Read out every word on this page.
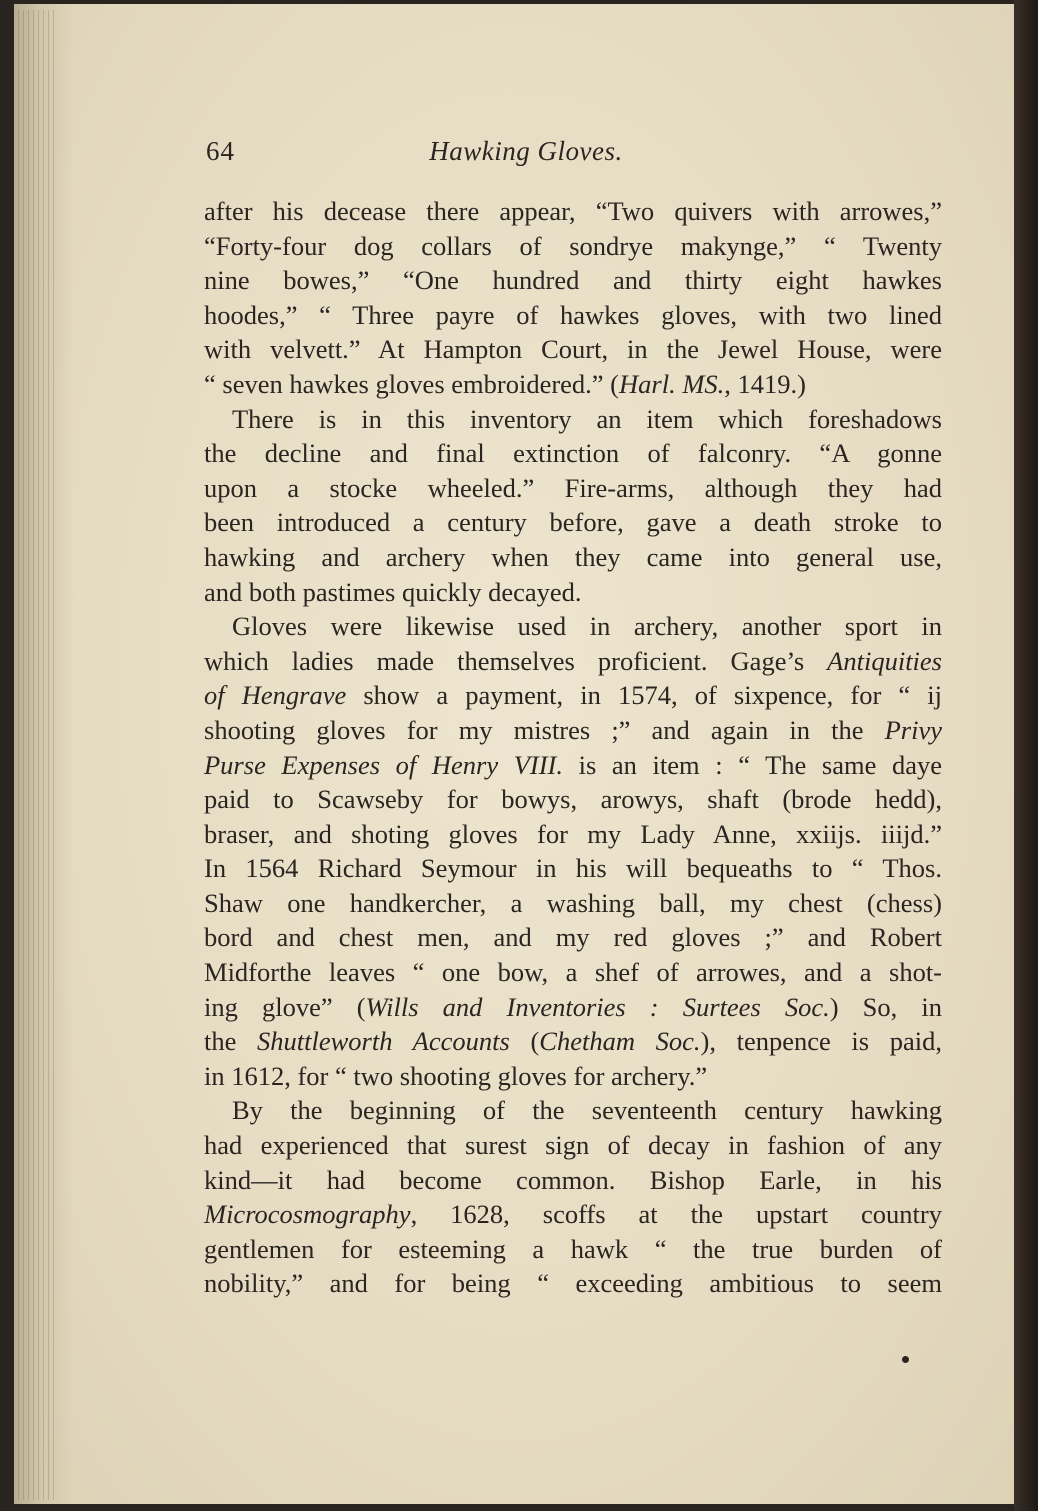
64	Hawking Gloves.
after his decease there appear, “Two quivers with arrowes,”
“Forty-four dog collars of sondrye makynge,” “ Twenty
nine bowes,” “One hundred and thirty eight hawkes
hoodes,” “ Three payre of hawkes gloves, with two lined
with velvett.” At Hampton Court, in the Jewel House, were
“ seven hawkes gloves embroidered.” (Harl. MS., 1419.)
There is in this inventory an item which foreshadows
the decline and final extinction of falconry. “A gonne
upon a stocke wheeled.” Fire-arms, although they had
been introduced a century before, gave a death stroke to
hawking and archery when they came into general use,
and both pastimes quickly decayed.
Gloves were likewise used in archery, another sport in
which ladies made themselves proficient. Gage’s Antiquities
of Hengrave show a payment, in 1574, of sixpence, for “ ij
shooting gloves for my mistres ;” and again in the Privy
Purse Expenses of Henry VIII. is an item : “ The same daye
paid to Scawseby for bowys, arowys, shaft (brode hedd),
braser, and shoting gloves for my Lady Anne, xxiijs. iiijd.”
In 1564 Richard Seymour in his will bequeaths to “ Thos.
Shaw one handkercher, a washing ball, my chest (chess)
bord and chest men, and my red gloves ;” and Robert
Midforthe leaves “ one bow, a shef of arrowes, and a shot-
ing glove” (Wills and Inventories : Surtees Soc.) So, in
the Shuttleworth Accounts (Chetham Soc.), tenpence is paid,
in 1612, for “ two shooting gloves for archery.”
By the beginning of the seventeenth century hawking
had experienced that surest sign of decay in fashion of any
kind—it had become common. Bishop Earle, in his
Microcosmography, 1628, scoffs at the upstart country
gentlemen for esteeming a hawk “ the true burden of
nobility,” and for being “ exceeding ambitious to seem
